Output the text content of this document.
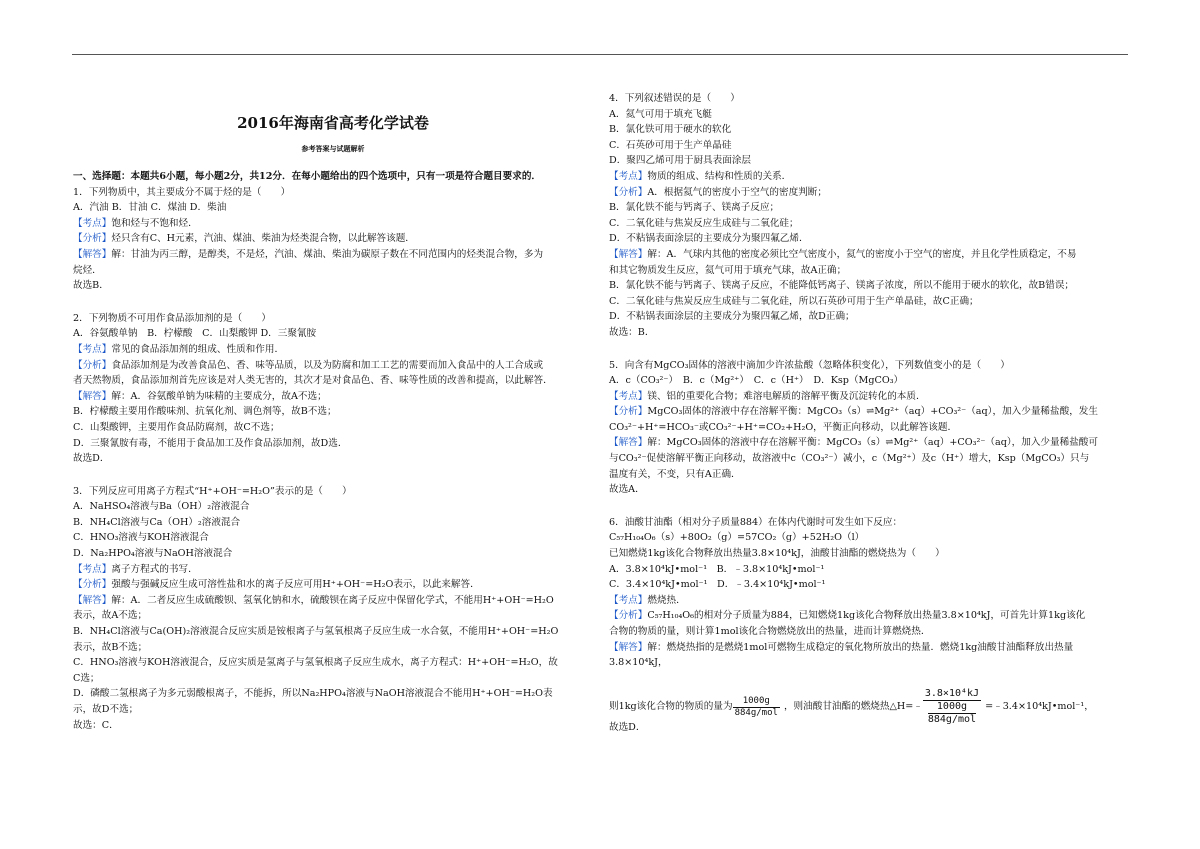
2016年海南省高考化学试卷
参考答案与试题解析
一、选择题：本题共6小题，每小题2分，共12分．在每小题给出的四个选项中，只有一项是符合题目要求的．
1．下列物质中，其主要成分不属于烃的是（　　）
A．汽油 B．甘油 C．煤油 D．柴油
【考点】饱和烃与不饱和烃．
【分析】烃只含有C、H元素，汽油、煤油、柴油为烃类混合物，以此解答该题．
【解答】解：甘油为丙三醇，是醇类，不是烃，汽油、煤油、柴油为碳原子数在不同范围内的烃类混合物，多为
烷烃．
故选B．
2．下列物质不可用作食品添加剂的是（　　）
A．谷氨酸单钠　B．柠檬酸　C．山梨酸钾 D．三聚氰胺
【考点】常见的食品添加剂的组成、性质和作用．
【分析】食品添加剂是为改善食品色、香、味等品质，以及为防腐和加工工艺的需要而加入食品中的人工合成或
者天然物质，食品添加剂首先应该是对人类无害的，其次才是对食品色、香、味等性质的改善和提高，以此解答．
【解答】解：A．谷氨酸单钠为味精的主要成分，故A不选；
B．柠檬酸主要用作酸味剂、抗氧化剂、调色剂等，故B不选；
C．山梨酸钾，主要用作食品防腐剂，故C不选；
D．三聚氰胺有毒，不能用于食品加工及作食品添加剂，故D选．
故选D．
3．下列反应可用离子方程式“H⁺+OH⁻=H₂O”表示的是（　　）
A．NaHSO₄溶液与Ba（OH）₂溶液混合
B．NH₄Cl溶液与Ca（OH）₂溶液混合
C．HNO₃溶液与KOH溶液混合
D．Na₂HPO₄溶液与NaOH溶液混合
【考点】离子方程式的书写．
【分析】强酸与强碱反应生成可溶性盐和水的离子反应可用H⁺+OH⁻=H₂O表示，以此来解答．
【解答】解：A．二者反应生成硫酸钡、氢氧化钠和水，硫酸钡在离子反应中保留化学式，不能用H⁺+OH⁻=H₂O
表示，故A不选；
B．NH₄Cl溶液与Ca(OH)₂溶液混合反应实质是铵根离子与氢氧根离子反应生成一水合氨，不能用H⁺+OH⁻=H₂O
表示，故B不选；
C．HNO₃溶液与KOH溶液混合，反应实质是氢离子与氢氧根离子反应生成水，离子方程式：H⁺+OH⁻=H₂O，故
C选；
D．磷酸二氢根离子为多元弱酸根离子，不能拆，所以Na₂HPO₄溶液与NaOH溶液混合不能用H⁺+OH⁻=H₂O表
示，故D不选；
故选：C．
4．下列叙述错误的是（　　）
A．氦气可用于填充飞艇
B．氯化铁可用于硬水的软化
C．石英砂可用于生产单晶硅
D．聚四乙烯可用于厨具表面涂层
【考点】物质的组成、结构和性质的关系．
【分析】A．根据氦气的密度小于空气的密度判断；
B．氯化铁不能与钙离子、镁离子反应；
C．二氧化硅与焦炭反应生成硅与二氧化硅；
D．不粘锅表面涂层的主要成分为聚四氟乙烯．
【解答】解：A．气球内其他的密度必须比空气密度小，氦气的密度小于空气的密度，并且化学性质稳定，不易
和其它物质发生反应，氦气可用于填充气球，故A正确；
B．氯化铁不能与钙离子、镁离子反应，不能降低钙离子、镁离子浓度，所以不能用于硬水的软化，故B错误；
C．二氧化硅与焦炭反应生成硅与二氧化硅，所以石英砂可用于生产单晶硅，故C正确；
D．不粘锅表面涂层的主要成分为聚四氟乙烯，故D正确；
故选：B．
5．向含有MgCO₃固体的溶液中滴加少许浓盐酸（忽略体积变化），下列数值变小的是（　　）
A．c（CO₃²⁻）　B．c（Mg²⁺）　C．c（H⁺）　D．Ksp（MgCO₃）
【考点】镁、铝的重要化合物；难溶电解质的溶解平衡及沉淀转化的本质．
【分析】MgCO₃固体的溶液中存在溶解平衡：MgCO₃（s）⇌Mg²⁺（aq）+CO₃²⁻（aq），加入少量稀盐酸，发生
CO₃²⁻+H⁺=HCO₃⁻或CO₃²⁻+H⁺=CO₂+H₂O，平衡正向移动，以此解答该题．
【解答】解：MgCO₃固体的溶液中存在溶解平衡：MgCO₃（s）⇌Mg²⁺（aq）+CO₃²⁻（aq），加入少量稀盐酸可
与CO₃²⁻促使溶解平衡正向移动，故溶液中c（CO₃²⁻）减小，c（Mg²⁺）及c（H⁺）增大，Ksp（MgCO₃）只与
温度有关，不变，只有A正确．
故选A．
6．油酸甘油酯（相对分子质量884）在体内代谢时可发生如下反应：
C₅₇H₁₀₄O₆（s）+80O₂（g）=57CO₂（g）+52H₂O（l）
已知燃烧1kg该化合物释放出热量3.8×10⁴kJ，油酸甘油酯的燃烧热为（　　）
A．3.8×10⁴kJ•mol⁻¹　B．﹣3.8×10⁴kJ•mol⁻¹
C．3.4×10⁴kJ•mol⁻¹　D．﹣3.4×10⁴kJ•mol⁻¹
【考点】燃烧热．
【分析】C₅₇H₁₀₄O₆的相对分子质量为884，已知燃烧1kg该化合物释放出热量3.8×10⁴kJ，可首先计算1kg该化
合物的物质的量，则计算1mol该化合物燃烧放出的热量，进而计算燃烧热．
【解答】解：燃烧热指的是燃烧1mol可燃物生成稳定的氧化物所放出的热量．燃烧1kg油酸甘油酯释放出热量
3.8×10⁴kJ，
则1kg该化合物的物质的量为 $\frac{1000g}{\text{884g/mol}}$ ，则油酸甘油酯的燃烧热△H=﹣ 3.8×10⁴kJ
1000g
884g/mol =﹣3.4×10⁴kJ•mol⁻¹，
故选D．
